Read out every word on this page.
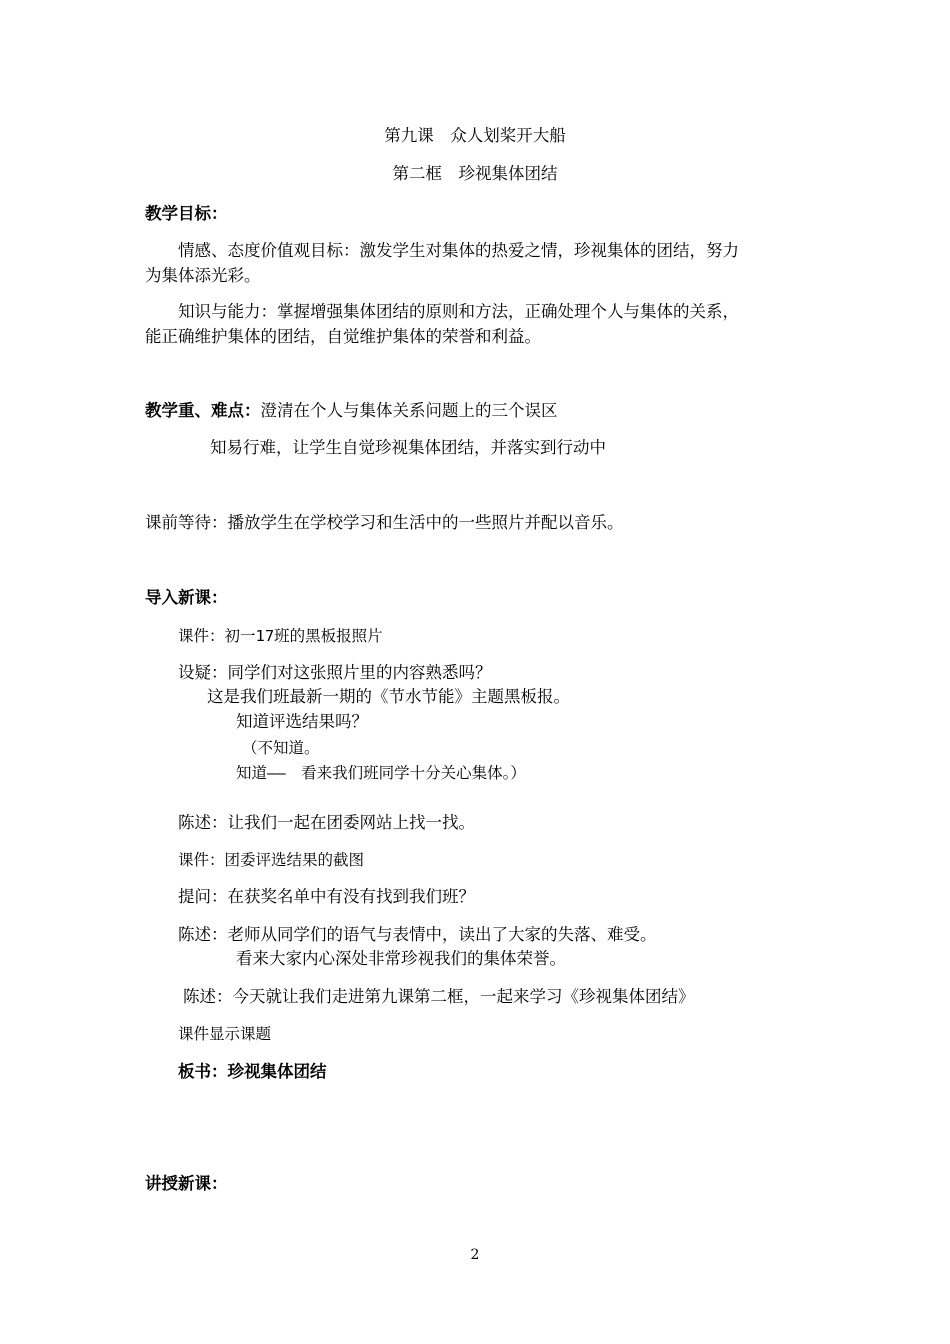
第九课　众人划桨开大船
第二框　珍视集体团结
教学目标：
情感、态度价值观目标：激发学生对集体的热爱之情，珍视集体的团结，努力
为集体添光彩。
知识与能力：掌握增强集体团结的原则和方法，正确处理个人与集体的关系，
能正确维护集体的团结，自觉维护集体的荣誉和利益。
教学重、难点：澄清在个人与集体关系问题上的三个误区
知易行难，让学生自觉珍视集体团结，并落实到行动中
课前等待：播放学生在学校学习和生活中的一些照片并配以音乐。
导入新课：
课件：初一17班的黑板报照片
设疑：同学们对这张照片里的内容熟悉吗？
这是我们班最新一期的《节水节能》主题黑板报。
知道评选结果吗？
（不知道。
知道——　看来我们班同学十分关心集体。）
陈述：让我们一起在团委网站上找一找。
课件：团委评选结果的截图
提问：在获奖名单中有没有找到我们班？
陈述：老师从同学们的语气与表情中，读出了大家的失落、难受。
看来大家内心深处非常珍视我们的集体荣誉。
陈述：今天就让我们走进第九课第二框，一起来学习《珍视集体团结》
课件显示课题
板书：珍视集体团结
讲授新课：
2
